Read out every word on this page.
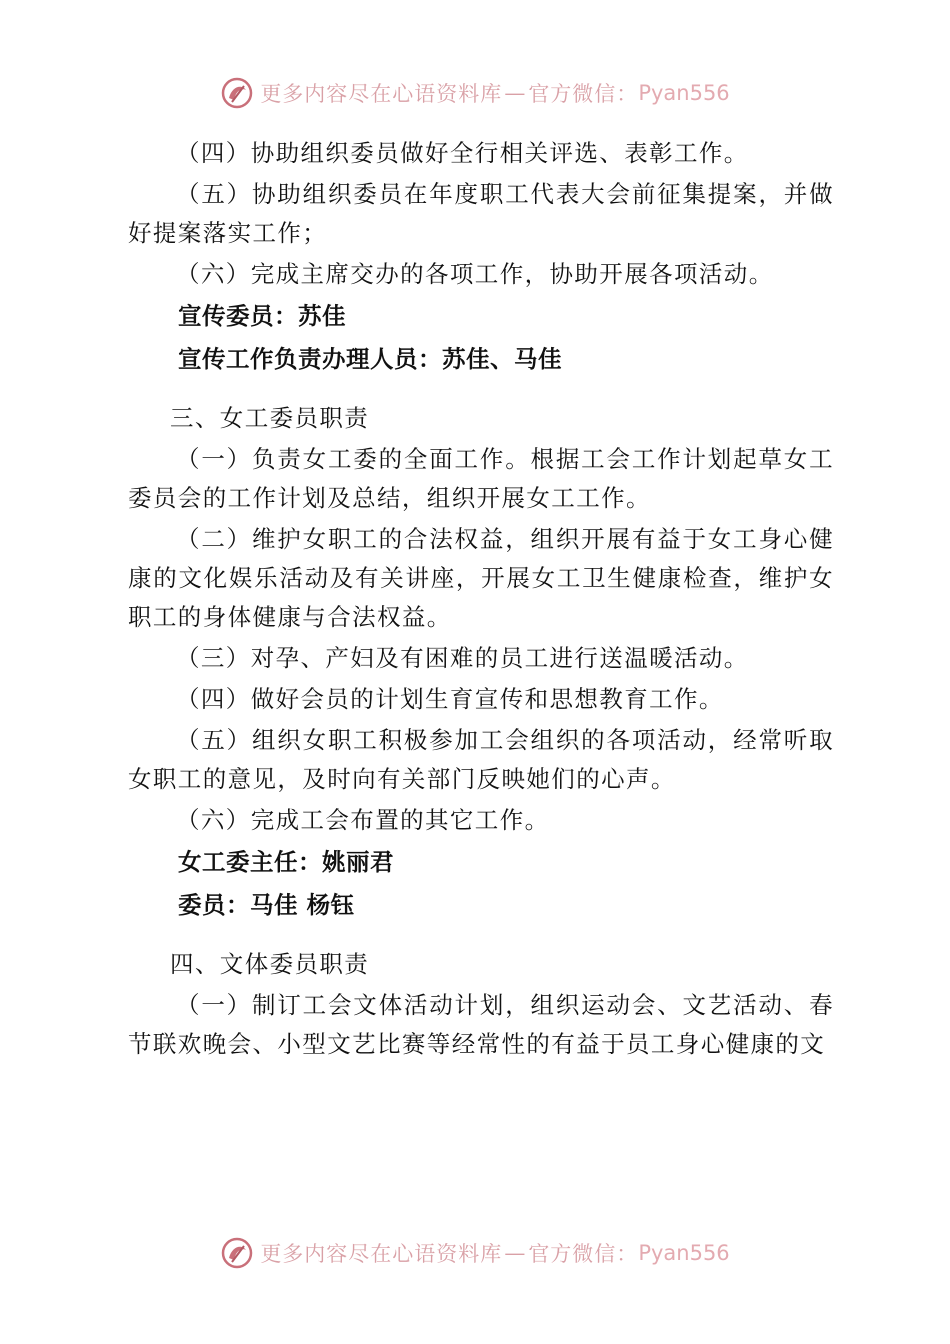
更多内容尽在心语资料库 — 官方微信： Pyan556

（四）协助组织委员做好全行相关评选、表彰工作。

（五）协助组织委员在年度职工代表大会前征集提案，并做好提案落实工作；

（六）完成主席交办的各项工作，协助开展各项活动。

宣传委员：苏佳

宣传工作负责办理人员：苏佳、马佳

三、女工委员职责

（一）负责女工委的全面工作。根据工会工作计划起草女工委员会的工作计划及总结，组织开展女工工作。

（二）维护女职工的合法权益，组织开展有益于女工身心健康的文化娱乐活动及有关讲座，开展女工卫生健康检查，维护女职工的身体健康与合法权益。

（三）对孕、产妇及有困难的员工进行送温暖活动。

（四）做好会员的计划生育宣传和思想教育工作。

（五）组织女职工积极参加工会组织的各项活动，经常听取女职工的意见，及时向有关部门反映她们的心声。

（六）完成工会布置的其它工作。

女工委主任：姚丽君

委员：马佳 杨钰

四、文体委员职责

（一）制订工会文体活动计划，组织运动会、文艺活动、春节联欢晚会、小型文艺比赛等经常性的有益于员工身心健康的文

更多内容尽在心语资料库 — 官方微信： Pyan556
